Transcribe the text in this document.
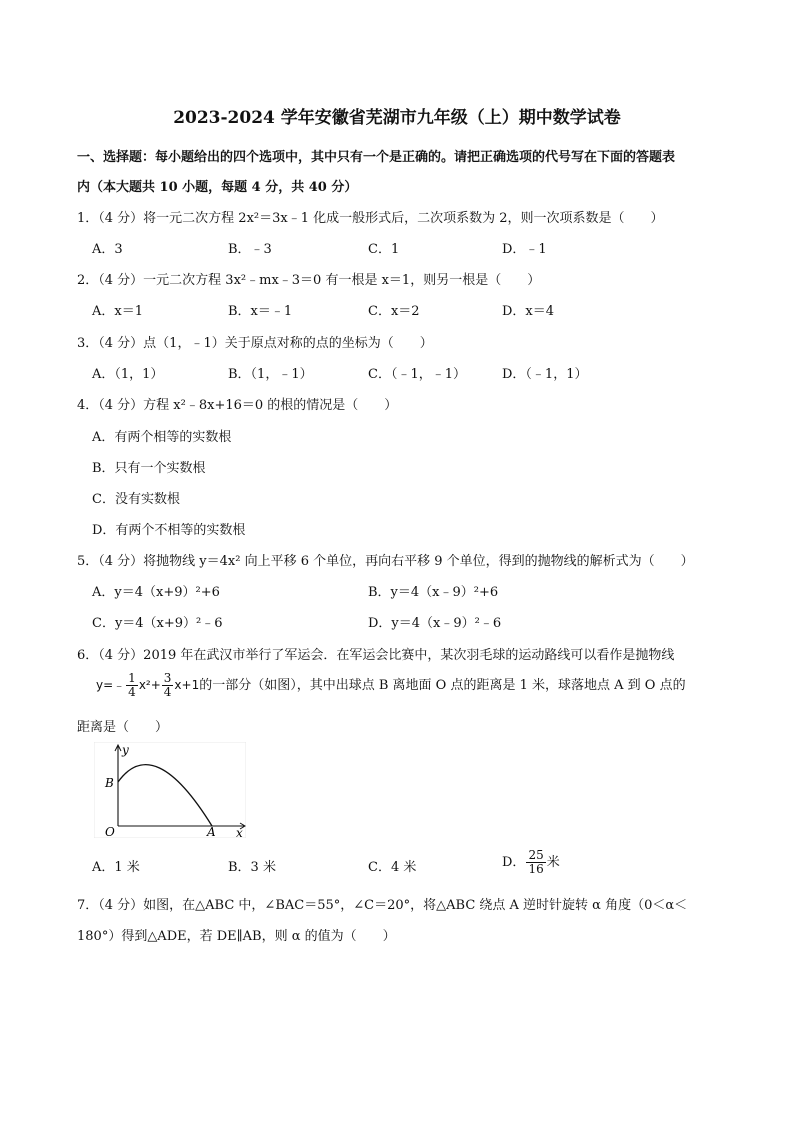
2023-2024 学年安徽省芜湖市九年级（上）期中数学试卷
一、选择题：每小题给出的四个选项中，其中只有一个是正确的。请把正确选项的代号写在下面的答题表
内（本大题共 10 小题，每题 4 分，共 40 分）
1．（4 分）将一元二次方程 2x²＝3x﹣1 化成一般形式后，二次项系数为 2，则一次项系数是（　　）
A．3	B．﹣3	C．1	D．﹣1
2．（4 分）一元二次方程 3x²﹣mx﹣3＝0 有一根是 x＝1，则另一根是（　　）
A．x＝1	B．x＝﹣1	C．x＝2	D．x＝4
3．（4 分）点（1，﹣1）关于原点对称的点的坐标为（　　）
A．（1，1）	B．（1，﹣1）	C．（﹣1，﹣1）	D．（﹣1，1）
4．（4 分）方程 x²﹣8x+16＝0 的根的情况是（　　）
A．有两个相等的实数根
B．只有一个实数根
C．没有实数根
D．有两个不相等的实数根
5．（4 分）将抛物线 y＝4x² 向上平移 6 个单位，再向右平移 9 个单位，得到的抛物线的解析式为（　　）
A．y＝4（x+9）²+6	B．y＝4（x﹣9）²+6
C．y＝4（x+9）²﹣6	D．y＝4（x﹣9）²﹣6
6．（4 分）2019 年在武汉市举行了军运会．在军运会比赛中，某次羽毛球的运动路线可以看作是抛物线
y=﹣ $\frac{1}{4} x^2+ \frac{3}{4} x+1$的一部分（如图），其中出球点 B 离地面 O 点的距离是 1 米，球落地点 A 到 O 点的
距离是（　　）
y
x
O	A
B
A．1 米	B．3 米	C．4 米	D． $\frac{25}{16}$ 米
7．（4 分）如图，在△ABC 中，∠BAC＝55°，∠C＝20°，将△ABC 绕点 A 逆时针旋转 α 角度（0＜α＜
180°）得到△ADE，若 DE∥AB，则 α 的值为（　　）
